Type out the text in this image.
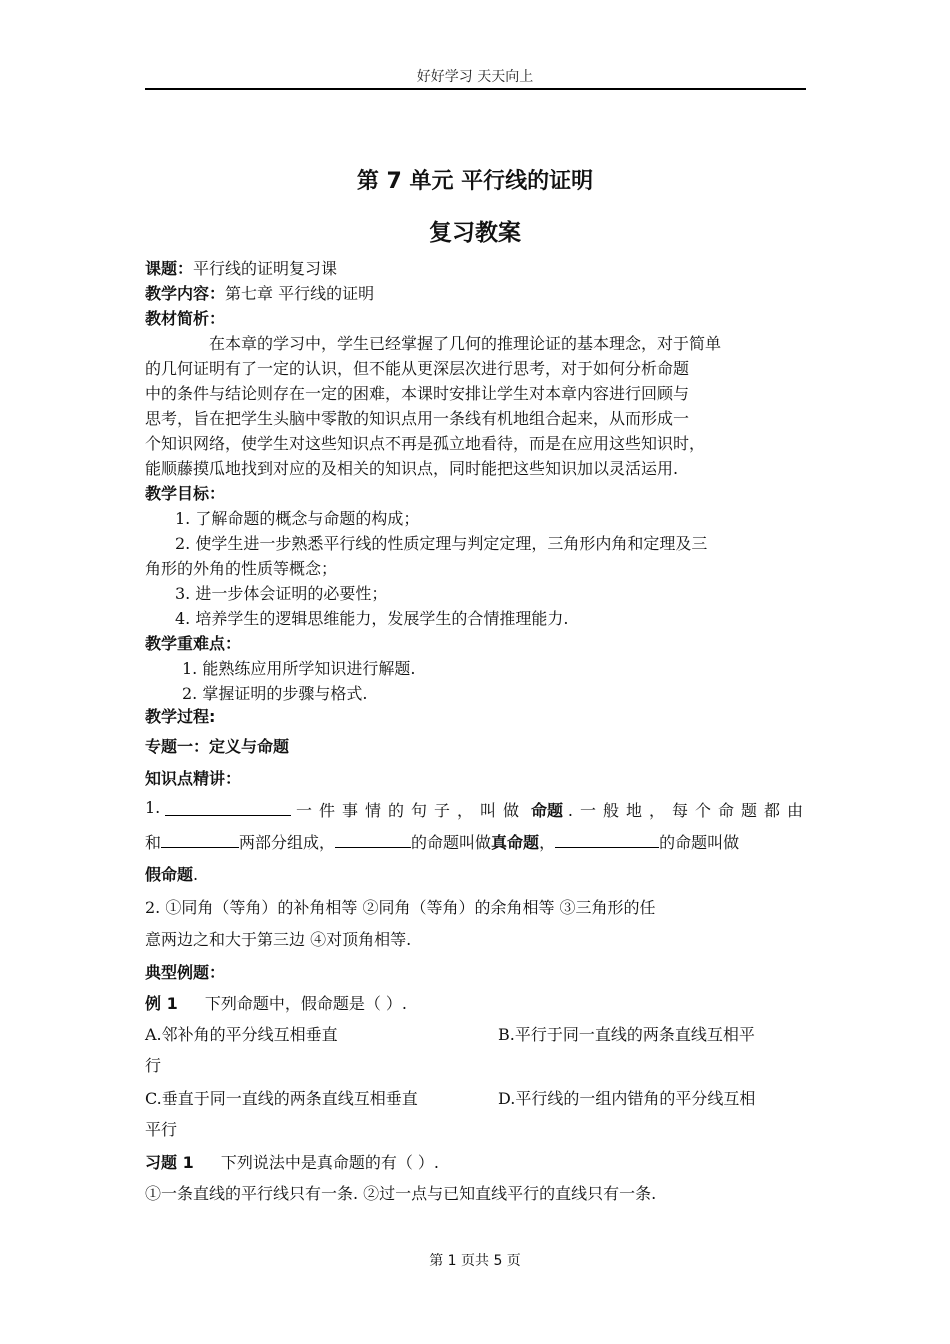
好好学习 天天向上
第 7 单元 平行线的证明
复习教案
课题：平行线的证明复习课
教学内容：第七章 平行线的证明
教材简析：
在本章的学习中，学生已经掌握了几何的推理论证的基本理念，对于简单
的几何证明有了一定的认识，但不能从更深层次进行思考，对于如何分析命题
中的条件与结论则存在一定的困难，本课时安排让学生对本章内容进行回顾与
思考，旨在把学生头脑中零散的知识点用一条线有机地组合起来，从而形成一
个知识网络，使学生对这些知识点不再是孤立地看待，而是在应用这些知识时，
能顺藤摸瓜地找到对应的及相关的知识点，同时能把这些知识加以灵活运用.
教学目标：
1. 了解命题的概念与命题的构成；
2. 使学生进一步熟悉平行线的性质定理与判定定理，三角形内角和定理及三
角形的外角的性质等概念；
3. 进一步体会证明的必要性；
4. 培养学生的逻辑思维能力，发展学生的合情推理能力.
教学重难点：
1. 能熟练应用所学知识进行解题.
2. 掌握证明的步骤与格式.
教学过程:
专题一：定义与命题
知识点精讲：
1.	一件事情的句子，叫做 命题 .一般地，每个命题都由
和	两部分组成，	的命题叫做真命题，	的命题叫做
假命题.
2. ①同角（等角）的补角相等 ②同角（等角）的余角相等 ③三角形的任
意两边之和大于第三边 ④对顶角相等.
典型例题：
例 1 下列命题中，假命题是（ ）.
A.邻补角的平分线互相垂直	B.平行于同一直线的两条直线互相平
行
C.垂直于同一直线的两条直线互相垂直	D.平行线的一组内错角的平分线互相
平行
习题 1 下列说法中是真命题的有（ ）.
①一条直线的平行线只有一条. ②过一点与已知直线平行的直线只有一条.
第 1 页共 5 页
